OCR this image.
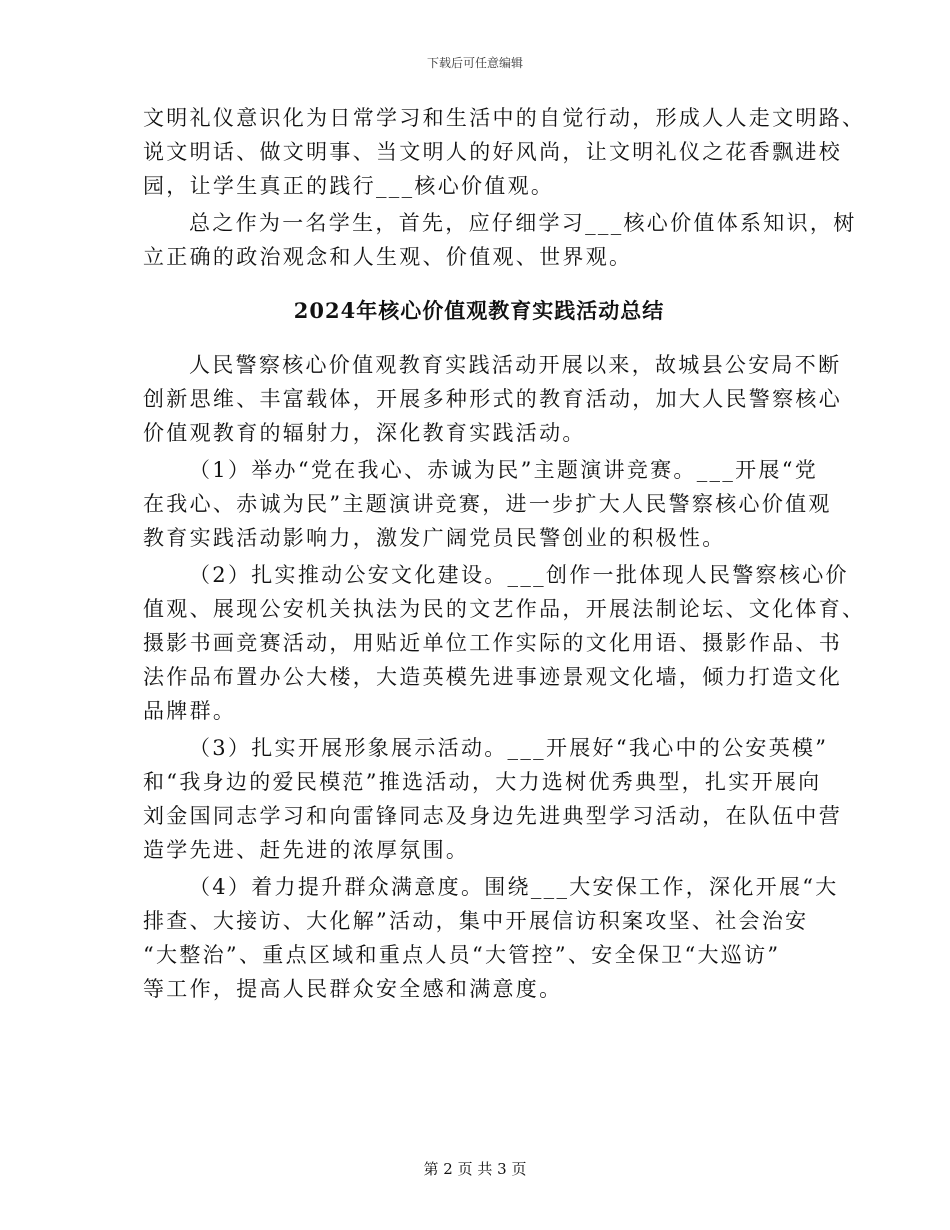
下载后可任意编辑
文明礼仪意识化为日常学习和生活中的自觉行动，形成人人走文明路、
说文明话、做文明事、当文明人的好风尚，让文明礼仪之花香飘进校
园，让学生真正的践行___核心价值观。
总之作为一名学生，首先，应仔细学习___核心价值体系知识，树
立正确的政治观念和人生观、价值观、世界观。
2024年核心价值观教育实践活动总结
人民警察核心价值观教育实践活动开展以来，故城县公安局不断
创新思维、丰富载体，开展多种形式的教育活动，加大人民警察核心
价值观教育的辐射力，深化教育实践活动。
（1）举办“党在我心、赤诚为民”主题演讲竞赛。___开展“党
在我心、赤诚为民”主题演讲竞赛，进一步扩大人民警察核心价值观
教育实践活动影响力，激发广阔党员民警创业的积极性。
（2）扎实推动公安文化建设。___创作一批体现人民警察核心价
值观、展现公安机关执法为民的文艺作品，开展法制论坛、文化体育、
摄影书画竞赛活动，用贴近单位工作实际的文化用语、摄影作品、书
法作品布置办公大楼，大造英模先进事迹景观文化墙，倾力打造文化
品牌群。
（3）扎实开展形象展示活动。___开展好“我心中的公安英模”
和“我身边的爱民模范”推选活动，大力选树优秀典型，扎实开展向
刘金国同志学习和向雷锋同志及身边先进典型学习活动，在队伍中营
造学先进、赶先进的浓厚氛围。
（4）着力提升群众满意度。围绕___大安保工作，深化开展“大
排查、大接访、大化解”活动，集中开展信访积案攻坚、社会治安
“大整治”、重点区域和重点人员“大管控”、安全保卫“大巡访”
等工作，提高人民群众安全感和满意度。
第 2 页 共 3 页
